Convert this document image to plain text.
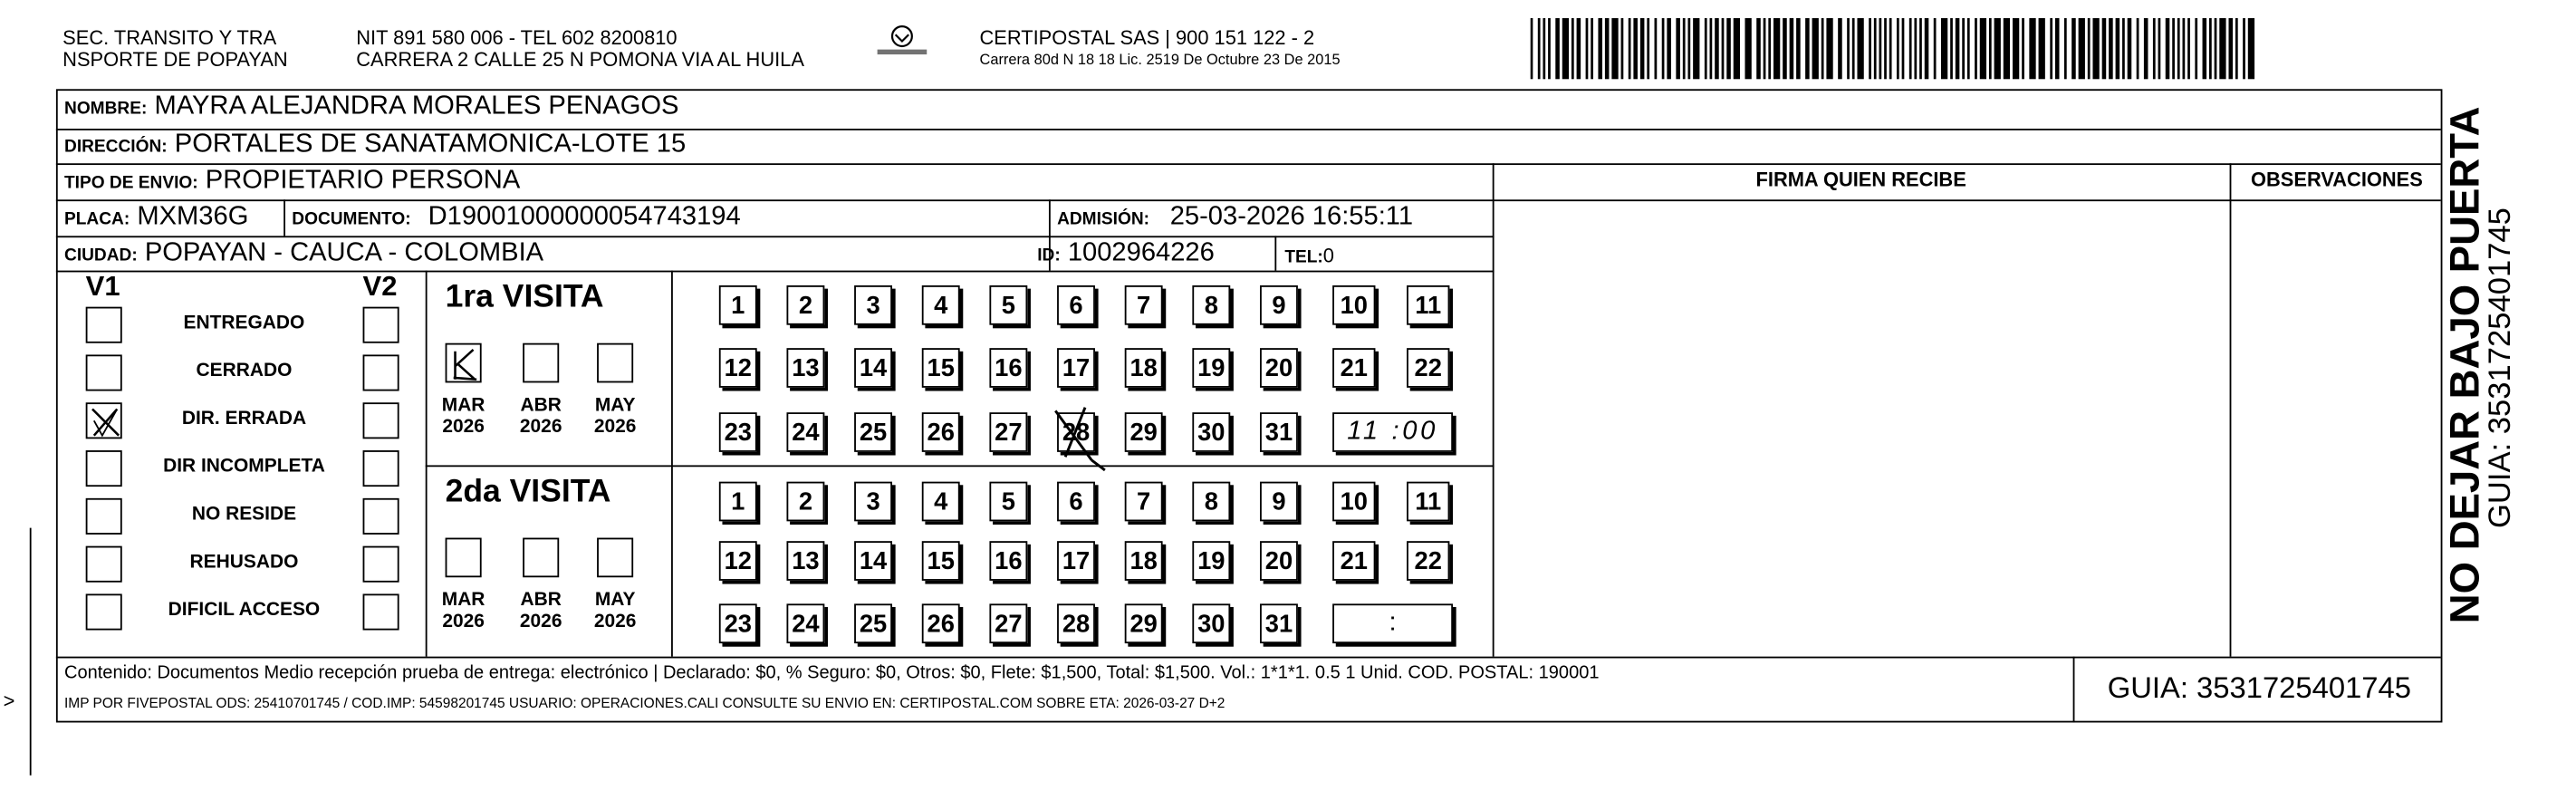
>
SEC. TRANSITO Y TRA
NSPORTE DE POPAYAN
NIT 891 580 006 - TEL 602 8200810
CARRERA 2 CALLE 25 N POMONA VIA AL HUILA
CERTIPOSTAL SAS | 900 151 122 - 2
Carrera 80d N 18 18 Lic. 2519 De Octubre 23 De 2015
NOMBRE: MAYRA ALEJANDRA MORALES PENAGOS
DIRECCIÓN: PORTALES DE SANATAMONICA-LOTE 15
TIPO DE ENVIO: PROPIETARIO PERSONA	FIRMA QUIEN RECIBE	OBSERVACIONES
PLACA: MXM36G	DOCUMENTO: D19001000000054743194	ADMISIÓN: 25-03-2026 16:55:11
CIUDAD: POPAYAN - CAUCA - COLOMBIA	ID: 1002964226	TEL:0
V1	V2
ENTREGADO
CERRADO
DIR. ERRADA
DIR INCOMPLETA
NO RESIDE
REHUSADO
DIFICIL ACCESO
1ra VISITA
2da VISITA
MAR
2026
ABR
2026
MAY
2026
MAR
2026
ABR
2026
MAY
2026
1	2	3	4	5	6	7	8	9	10	11
12	13	14	15	16	17	18	19	20	21	22
23	24	25	26	27	28	29	30	31	11 :00
1	2	3	4	5	6	7	8	9	10	11
12	13	14	15	16	17	18	19	20	21	22
23	24	25	26	27	28	29	30	31	:
Contenido: Documentos Medio recepción prueba de entrega: electrónico | Declarado: $0, % Seguro: $0, Otros: $0, Flete: $1,500, Total: $1,500. Vol.: 1*1*1. 0.5 1 Unid. COD. POSTAL: 190001
IMP POR FIVEPOSTAL ODS: 25410701745 / COD.IMP: 54598201745 USUARIO: OPERACIONES.CALI CONSULTE SU ENVIO EN: CERTIPOSTAL.COM SOBRE ETA: 2026-03-27 D+2	GUIA: 3531725401745
NO DEJAR BAJO PUERTA
GUIA: 3531725401745
